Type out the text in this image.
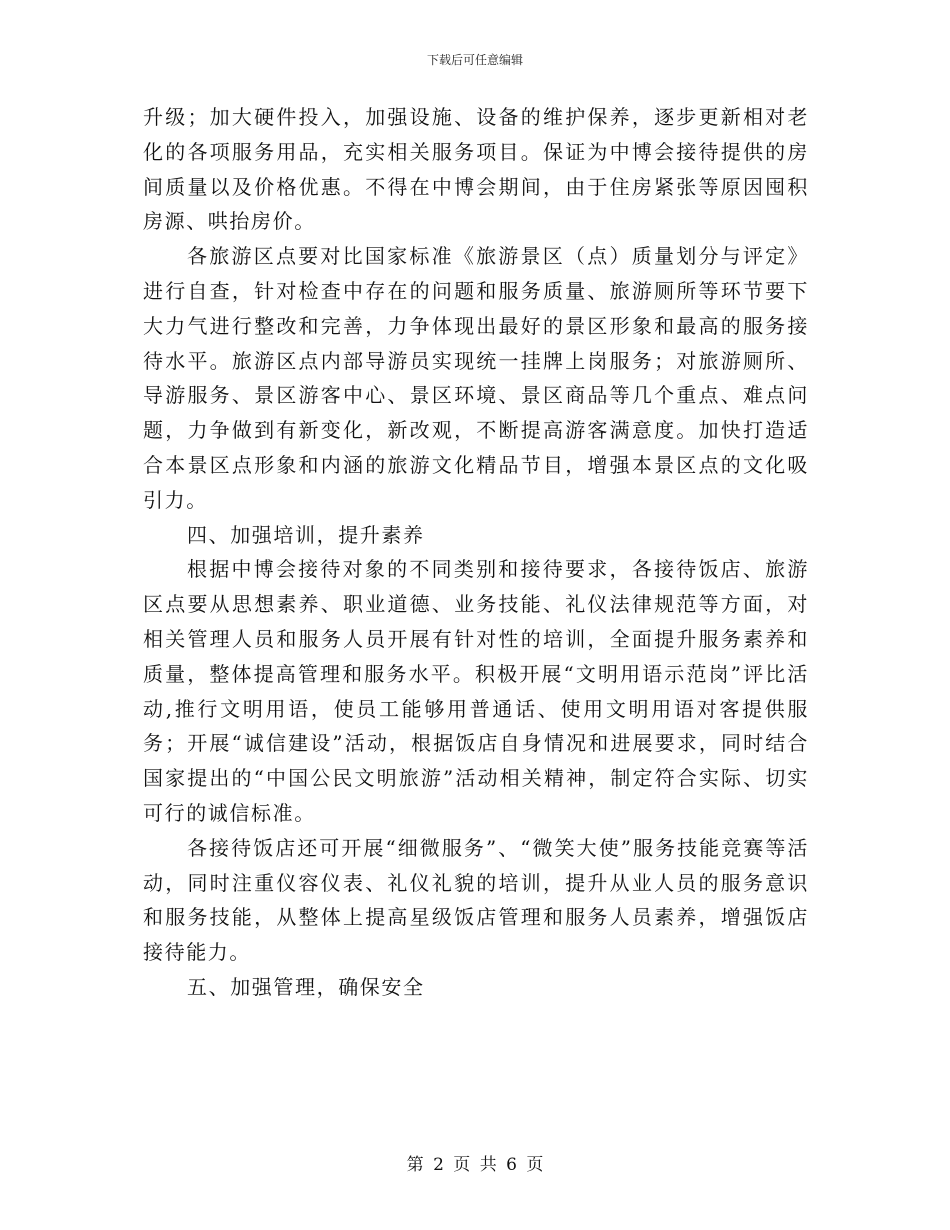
下载后可任意编辑

升级；加大硬件投入，加强设施、设备的维护保养，逐步更新相对老化的各项服务用品，充实相关服务项目。保证为中博会接待提供的房间质量以及价格优惠。不得在中博会期间，由于住房紧张等原因囤积房源、哄抬房价。

各旅游区点要对比国家标准《旅游景区（点）质量划分与评定》进行自查，针对检查中存在的问题和服务质量、旅游厕所等环节要下大力气进行整改和完善，力争体现出最好的景区形象和最高的服务接待水平。旅游区点内部导游员实现统一挂牌上岗服务；对旅游厕所、导游服务、景区游客中心、景区环境、景区商品等几个重点、难点问题，力争做到有新变化，新改观，不断提高游客满意度。加快打造适合本景区点形象和内涵的旅游文化精品节目，增强本景区点的文化吸引力。

四、加强培训，提升素养

根据中博会接待对象的不同类别和接待要求，各接待饭店、旅游区点要从思想素养、职业道德、业务技能、礼仪法律规范等方面，对相关管理人员和服务人员开展有针对性的培训，全面提升服务素养和质量，整体提高管理和服务水平。积极开展“文明用语示范岗”评比活动,推行文明用语，使员工能够用普通话、使用文明用语对客提供服务；开展“诚信建设”活动，根据饭店自身情况和进展要求，同时结合国家提出的“中国公民文明旅游”活动相关精神，制定符合实际、切实可行的诚信标准。

各接待饭店还可开展“细微服务”、“微笑大使”服务技能竞赛等活动，同时注重仪容仪表、礼仪礼貌的培训，提升从业人员的服务意识和服务技能，从整体上提高星级饭店管理和服务人员素养，增强饭店接待能力。

五、加强管理，确保安全

第 2 页 共 6 页
